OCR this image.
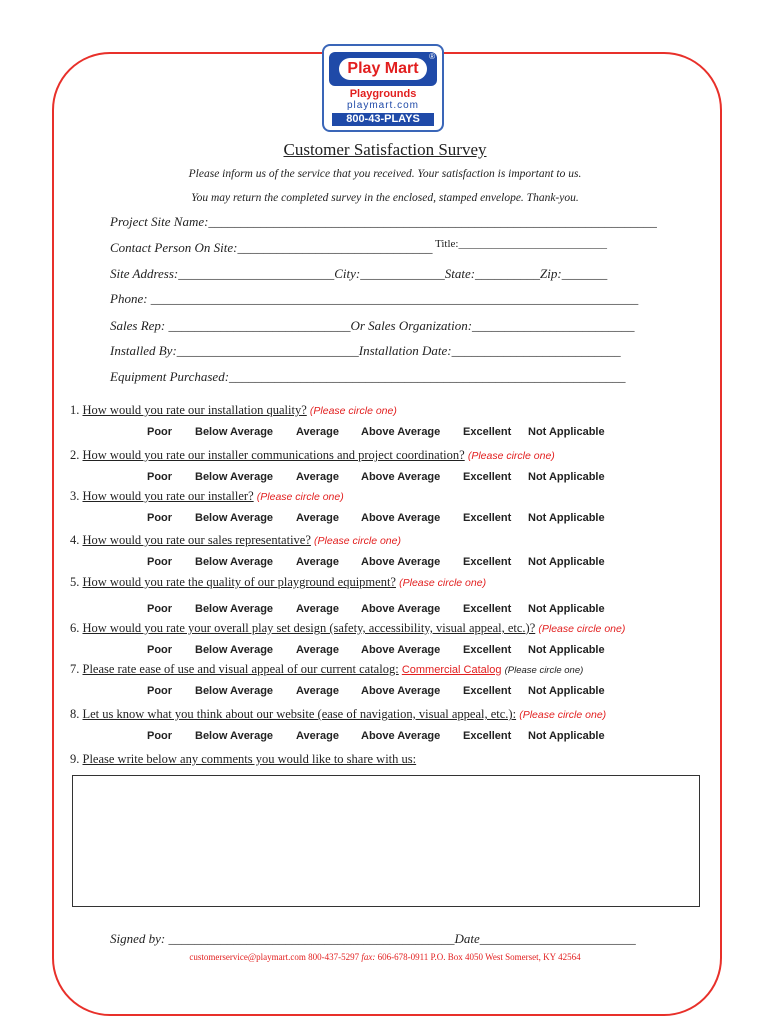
Play Mart
®
Playgrounds
playmart.com
800-43-PLAYS
Customer Satisfaction Survey
Please inform us of the service that you received. Your satisfaction is important to us.
You may return the completed survey in the enclosed, stamped envelope. Thank-you.
Project Site Name:_____________________________________________________________________
Contact Person On Site:______________________________ Title:___________________________
Site Address:________________________City:_____________State:__________Zip:_______
Phone: ___________________________________________________________________________
Sales Rep: ____________________________Or Sales Organization:_________________________
Installed By:____________________________Installation Date:__________________________
Equipment Purchased:_____________________________________________________________
1. How would you rate our installation quality? (Please circle one)
Poor Below Average Average Above Average Excellent Not Applicable
2. How would you rate our installer communications and project coordination? (Please circle one)
Poor Below Average Average Above Average Excellent Not Applicable
3. How would you rate our installer? (Please circle one)
Poor Below Average Average Above Average Excellent Not Applicable
4. How would you rate our sales representative? (Please circle one)
Poor Below Average Average Above Average Excellent Not Applicable
5. How would you rate the quality of our playground equipment? (Please circle one)
Poor Below Average Average Above Average Excellent Not Applicable
6. How would you rate your overall play set design (safety, accessibility, visual appeal, etc.)? (Please circle one)
Poor Below Average Average Above Average Excellent Not Applicable
7. Please rate ease of use and visual appeal of our current catalog: Commercial Catalog (Please circle one)
Poor Below Average Average Above Average Excellent Not Applicable
8. Let us know what you think about our website (ease of navigation, visual appeal, etc.): (Please circle one)
Poor Below Average Average Above Average Excellent Not Applicable
9. Please write below any comments you would like to share with us:
Signed by: ____________________________________________Date________________________
customerservice@playmart.com 800-437-5297 fax: 606-678-0911 P.O. Box 4050 West Somerset, KY 42564
